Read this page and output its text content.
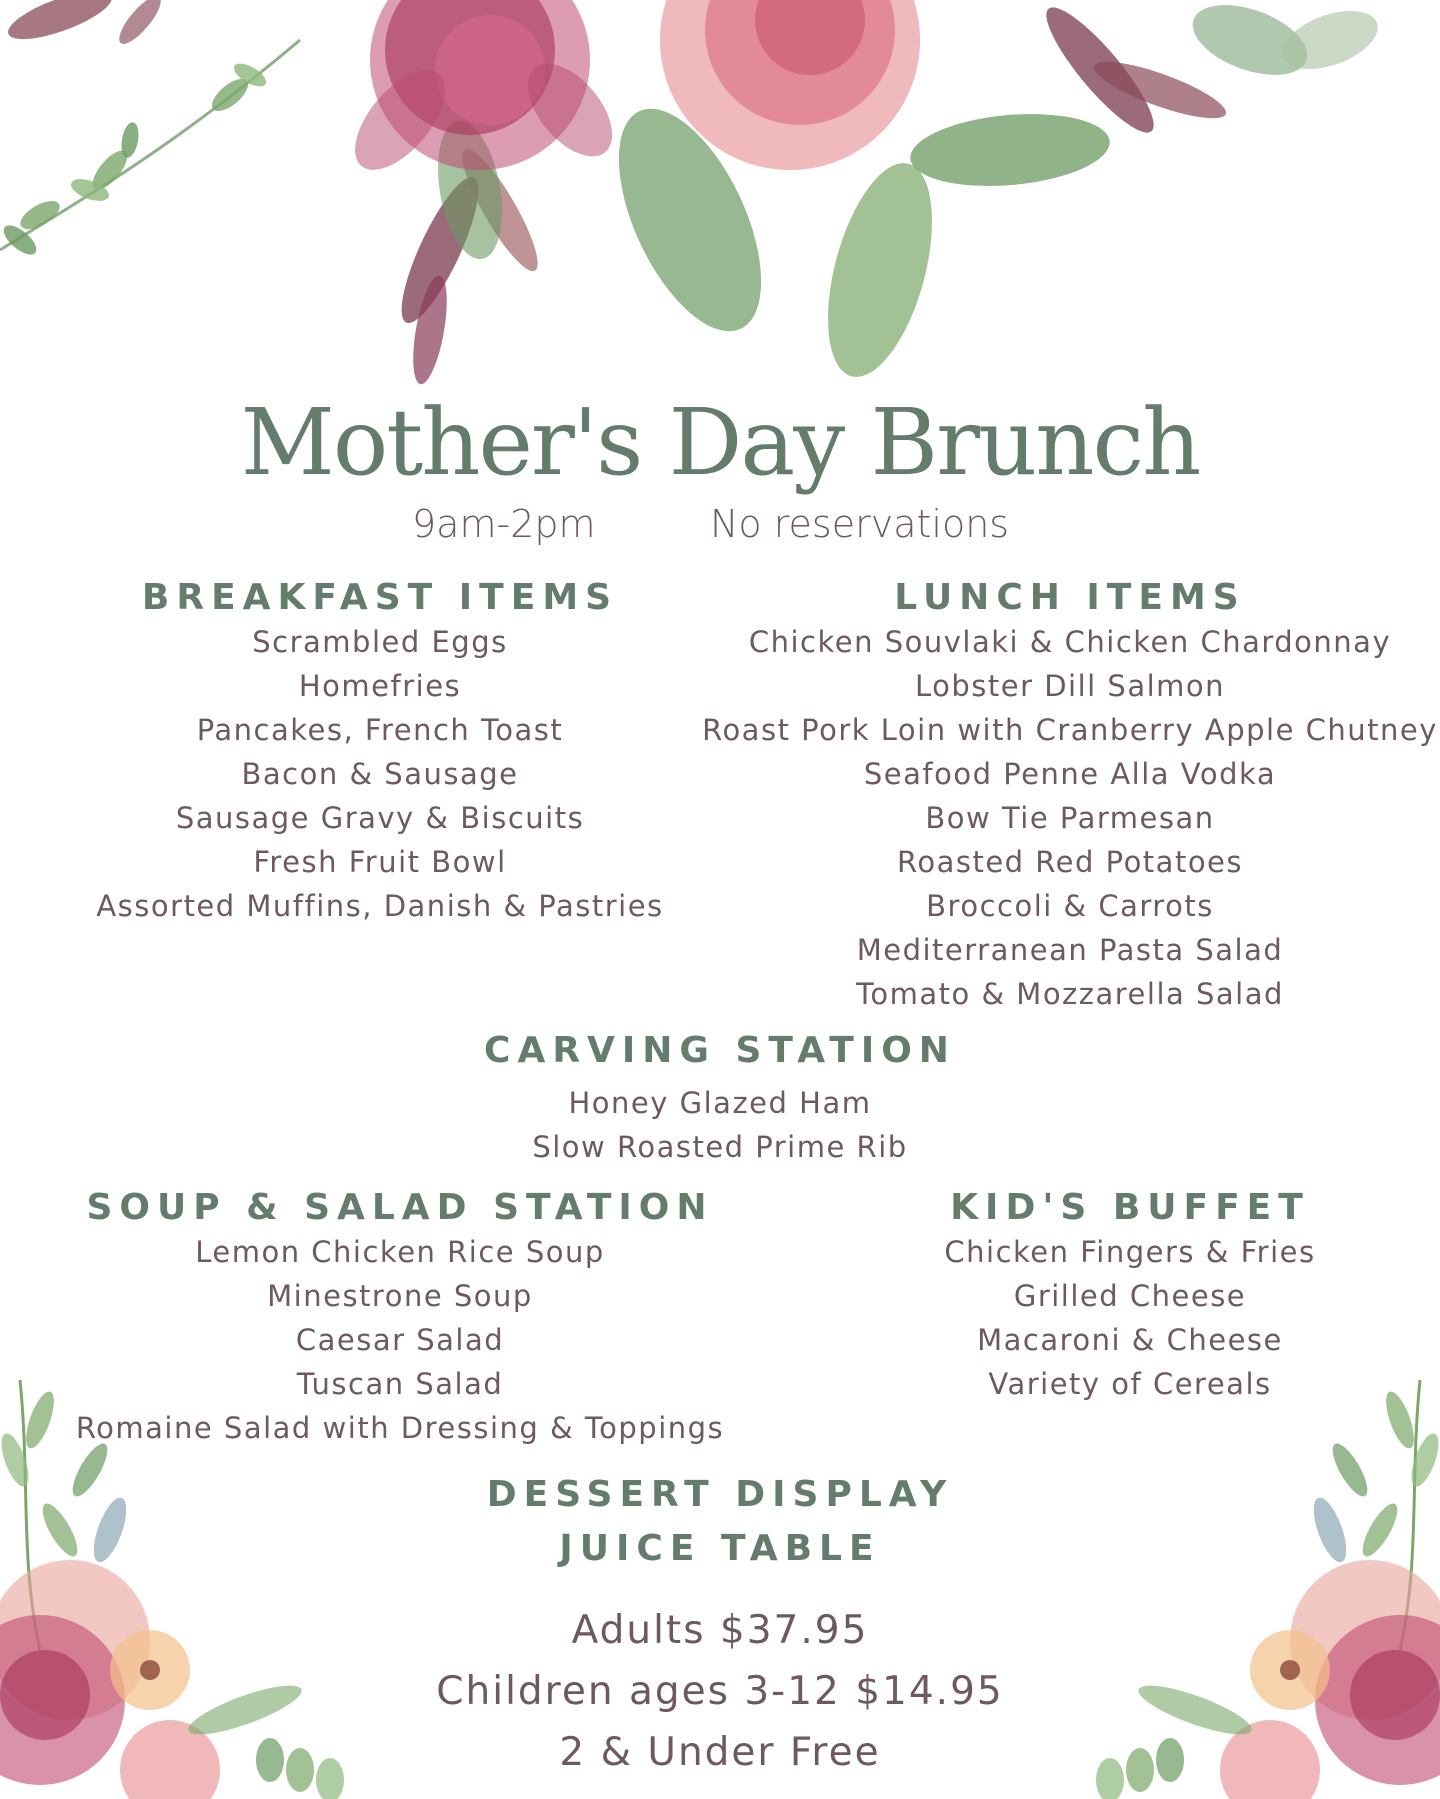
Mother's Day Brunch
9am-2pm	No reservations
BREAKFAST ITEMS
Scrambled Eggs
Homefries
Pancakes, French Toast
Bacon & Sausage
Sausage Gravy & Biscuits
Fresh Fruit Bowl
Assorted Muffins, Danish & Pastries
LUNCH ITEMS
Chicken Souvlaki & Chicken Chardonnay
Lobster Dill Salmon
Roast Pork Loin with Cranberry Apple Chutney
Seafood Penne Alla Vodka
Bow Tie Parmesan
Roasted Red Potatoes
Broccoli & Carrots
Mediterranean Pasta Salad
Tomato & Mozzarella Salad
CARVING STATION
Honey Glazed Ham
Slow Roasted Prime Rib
SOUP & SALAD STATION
Lemon Chicken Rice Soup
Minestrone Soup
Caesar Salad
Tuscan Salad
Romaine Salad with Dressing & Toppings
KID'S BUFFET
Chicken Fingers & Fries
Grilled Cheese
Macaroni & Cheese
Variety of Cereals
DESSERT DISPLAY
JUICE TABLE
Adults $37.95
Children ages 3-12 $14.95
2 & Under Free
